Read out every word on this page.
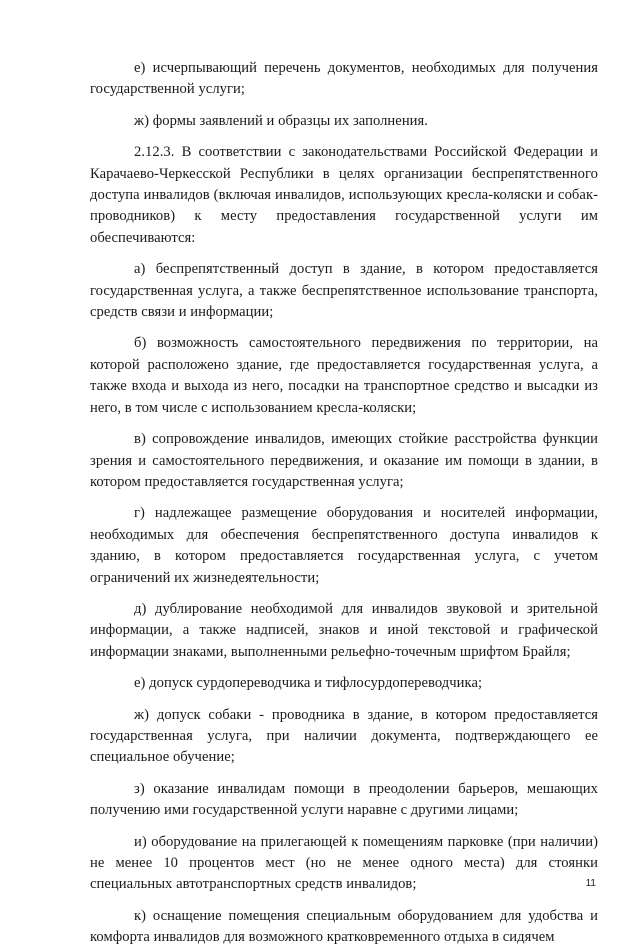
е) исчерпывающий перечень документов, необходимых для получения государственной услуги;

ж) формы заявлений и образцы их заполнения.

2.12.3. В соответствии с законодательствами Российской Федерации и Карачаево-Черкесской Республики в целях организации беспрепятственного доступа инвалидов (включая инвалидов, использующих кресла-коляски и собак-проводников) к месту предоставления государственной услуги им обеспечиваются:

а) беспрепятственный доступ в здание, в котором предоставляется государственная услуга, а также беспрепятственное использование транспорта, средств связи и информации;

б) возможность самостоятельного передвижения по территории, на которой расположено здание, где предоставляется государственная услуга, а также входа и выхода из него, посадки на транспортное средство и высадки из него, в том числе с использованием кресла-коляски;

в) сопровождение инвалидов, имеющих стойкие расстройства функции зрения и самостоятельного передвижения, и оказание им помощи в здании, в котором предоставляется государственная услуга;

г) надлежащее размещение оборудования и носителей информации, необходимых для обеспечения беспрепятственного доступа инвалидов к зданию, в котором предоставляется государственная услуга, с учетом ограничений их жизнедеятельности;

д) дублирование необходимой для инвалидов звуковой и зрительной информации, а также надписей, знаков и иной текстовой и графической информации знаками, выполненными рельефно-точечным шрифтом Брайля;

е) допуск сурдопереводчика и тифлосурдопереводчика;

ж) допуск собаки - проводника в здание, в котором предоставляется государственная услуга, при наличии документа, подтверждающего ее специальное обучение;

з) оказание инвалидам помощи в преодолении барьеров, мешающих получению ими государственной услуги наравне с другими лицами;

и) оборудование на прилегающей к помещениям парковке (при наличии) не менее 10 процентов мест (но не менее одного места) для стоянки специальных автотранспортных средств инвалидов;

к) оснащение помещения специальным оборудованием для удобства и комфорта инвалидов для возможного кратковременного отдыха в сидячем

11
